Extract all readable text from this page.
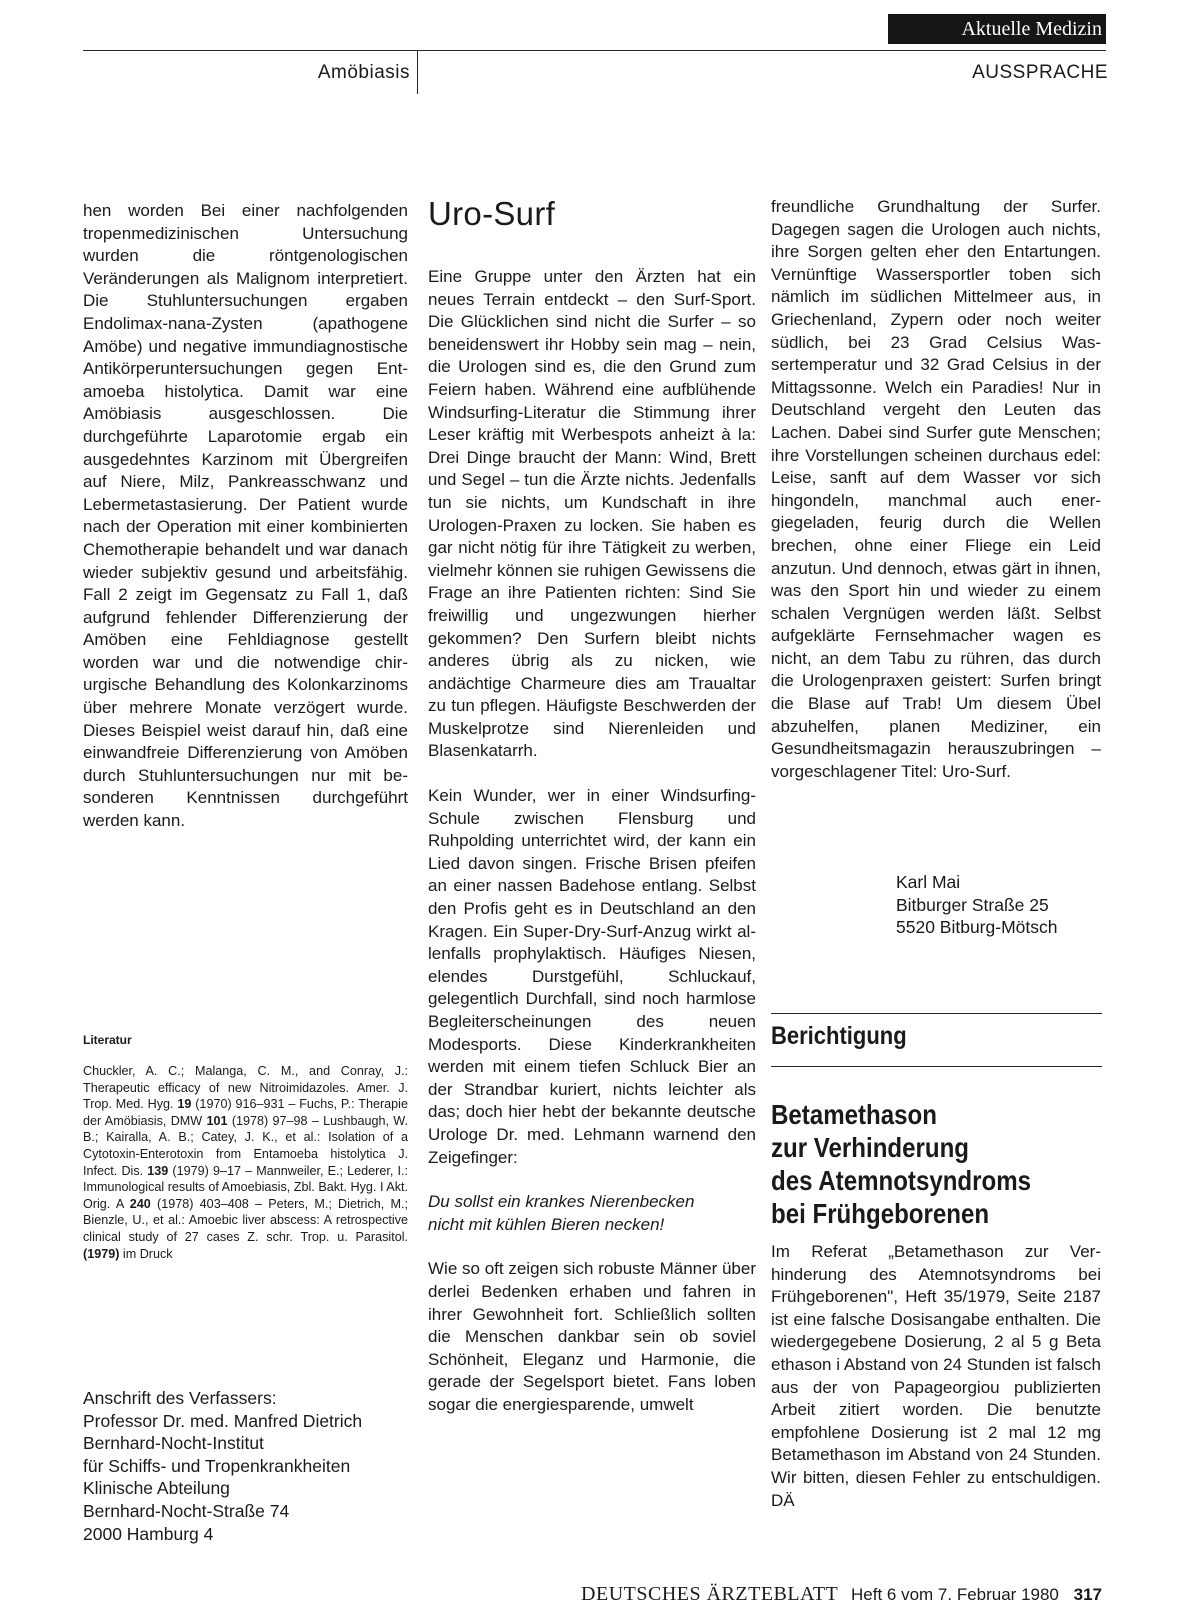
Aktuelle Medizin
Amöbiasis	AUSSPRACHE

hen worden Bei einer nachfolgenden tropenmedizinischen Untersuchung wurden die röntgenologischen Veränderungen als Malignom interpretiert. Die Stuhluntersuchungen ergaben Endolimax-nana-Zysten (apathogene Amöbe) und negative immundiagnostische Antikörperuntersuchungen gegen Entamoeba histolytica. Damit war eine Amöbiasis ausgeschlossen. Die durchgeführte Laparotomie ergab ein ausgedehntes Karzinom mit Übergreifen auf Niere, Milz, Pankreasschwanz und Lebermetastasierung. Der Patient wurde nach der Operation mit einer kombinierten Chemotherapie behandelt und war danach wieder subjektiv gesund und arbeitsfähig. Fall 2 zeigt im Gegensatz zu Fall 1, daß aufgrund fehlender Differenzierung der Amöben eine Fehldiagnose gestellt worden war und die notwendige chirurgische Behandlung des Kolonkarzinoms über mehrere Monate verzögert wurde. Dieses Beispiel weist darauf hin, daß eine einwandfreie Differenzierung von Amöben durch Stuhluntersuchungen nur mit besonderen Kenntnissen durchgeführt werden kann.

Literatur
Chuckler, A. C.; Malanga, C. M., and Conray, J.: Therapeutic efficacy of new Nitroimidazoles. Amer. J. Trop. Med. Hyg. 19 (1970) 916–931 – Fuchs, P.: Therapie der Amöbiasis, DMW 101 (1978) 97–98 – Lushbaugh, W. B.; Kairalla, A. B.; Catey, J. K., et al.: Isolation of a Cytotoxin-Enterotoxin from Entamoeba histolytica J. Infect. Dis. 139 (1979) 9–17 – Mannweiler, E.; Lederer, I.: Immunological results of Amoebiasis, Zbl. Bakt. Hyg. I Akt. Orig. A 240 (1978) 403–408 – Peters, M.; Dietrich, M.; Bienzle, U., et al.: Amoebic liver abscess: A retrospective clinical study of 27 cases Z. schr. Trop. u. Parasitol. (1979) im Druck
Anschrift des Verfassers:
Professor Dr. med. Manfred Dietrich
Bernhard-Nocht-Institut
für Schiffs- und Tropenkrankheiten
Klinische Abteilung
Bernhard-Nocht-Straße 74
2000 Hamburg 4
Uro-Surf

Eine Gruppe unter den Ärzten hat ein neues Terrain entdeckt – den Surf-Sport. Die Glücklichen sind nicht die Surfer – so beneidenswert ihr Hobby sein mag – nein, die Urologen sind es, die den Grund zum Feiern haben. Während eine aufblühende Windsurfing-Literatur die Stimmung ihrer Leser kräftig mit Werbespots anheizt à la: Drei Dinge braucht der Mann: Wind, Brett und Segel – tun die Ärzte nichts. Jedenfalls tun sie nichts, um Kundschaft in ihre Urologen-Praxen zu locken. Sie haben es gar nicht nötig für ihre Tätigkeit zu werben, vielmehr können sie ruhigen Gewissens die Frage an ihre Patienten richten: Sind Sie freiwillig und ungezwungen hierher gekommen? Den Surfern bleibt nichts anderes übrig als zu nicken, wie andächtige Charmeure dies am Traualtar zu tun pflegen. Häufigste Beschwerden der Muskelprotze sind Nierenleiden und Blasenkatarrh.

Kein Wunder, wer in einer Windsurfing-Schule zwischen Flensburg und Ruhpolding unterrichtet wird, der kann ein Lied davon singen. Frische Brisen pfeifen an einer nassen Badehose entlang. Selbst den Profis geht es in Deutschland an den Kragen. Ein Super-Dry-Surf-Anzug wirkt allenfalls prophylaktisch. Häufiges Niesen, elendes Durstgefühl, Schluckauf, gelegentlich Durchfall, sind noch harmlose Begleiterscheinungen des neuen Modesports. Diese Kinderkrankheiten werden mit einem tiefen Schluck Bier an der Strandbar kuriert, nichts leichter als das; doch hier hebt der bekannte deutsche Urologe Dr. med. Lehmann warnend den Zeigefinger:

Du sollst ein krankes Nierenbecken
nicht mit kühlen Bieren necken!

Wie so oft zeigen sich robuste Männer über derlei Bedenken erhaben und fahren in ihrer Gewohnheit fort. Schließlich sollten die Menschen dankbar sein ob soviel Schönheit, Eleganz und Harmonie, die gerade der Segelsport bietet. Fans loben sogar die energiesparende, umwelt

freundliche Grundhaltung der Surfer. Dagegen sagen die Urologen auch nichts, ihre Sorgen gelten eher den Entartungen. Vernünftige Wassersportler toben sich nämlich im südlichen Mittelmeer aus, in Griechenland, Zypern oder noch weiter südlich, bei 23 Grad Celsius Wassertemperatur und 32 Grad Celsius in der Mittagssonne. Welch ein Paradies! Nur in Deutschland vergeht den Leuten das Lachen. Dabei sind Surfer gute Menschen; ihre Vorstellungen scheinen durchaus edel: Leise, sanft auf dem Wasser vor sich hingondeln, manchmal auch energiegeladen, feurig durch die Wellen brechen, ohne einer Fliege ein Leid anzutun. Und dennoch, etwas gärt in ihnen, was den Sport hin und wieder zu einem schalen Vergnügen werden läßt. Selbst aufgeklärte Fernsehmacher wagen es nicht, an dem Tabu zu rühren, das durch die Urologenpraxen geistert: Surfen bringt die Blase auf Trab! Um diesem Übel abzuhelfen, planen Mediziner, ein Gesundheitsmagazin herauszubringen – vorgeschlagener Titel: Uro-Surf.

Karl Mai
Bitburger Straße 25
5520 Bitburg-Mötsch
Berichtigung
Betamethason
zur Verhinderung
des Atemnotsyndroms
bei Frühgeborenen

Im Referat „Betamethason zur Verhinderung des Atemnotsyndroms bei Frühgeborenen", Heft 35/1979, Seite 2187 ist eine falsche Dosisangabe enthalten. Die wiedergegebene Dosierung, 2 al 5 g Beta ethason i Abstand von 24 Stunden ist falsch aus der von Papageorgiou publizierten Arbeit zitiert worden. Die benutzte empfohlene Dosierung ist 2 mal 12 mg Betamethason im Abstand von 24 Stunden. Wir bitten, diesen Fehler zu entschuldigen. DÄ

DEUTSCHES ÄRZTEBLATT Heft 6 vom 7. Februar 1980 317
